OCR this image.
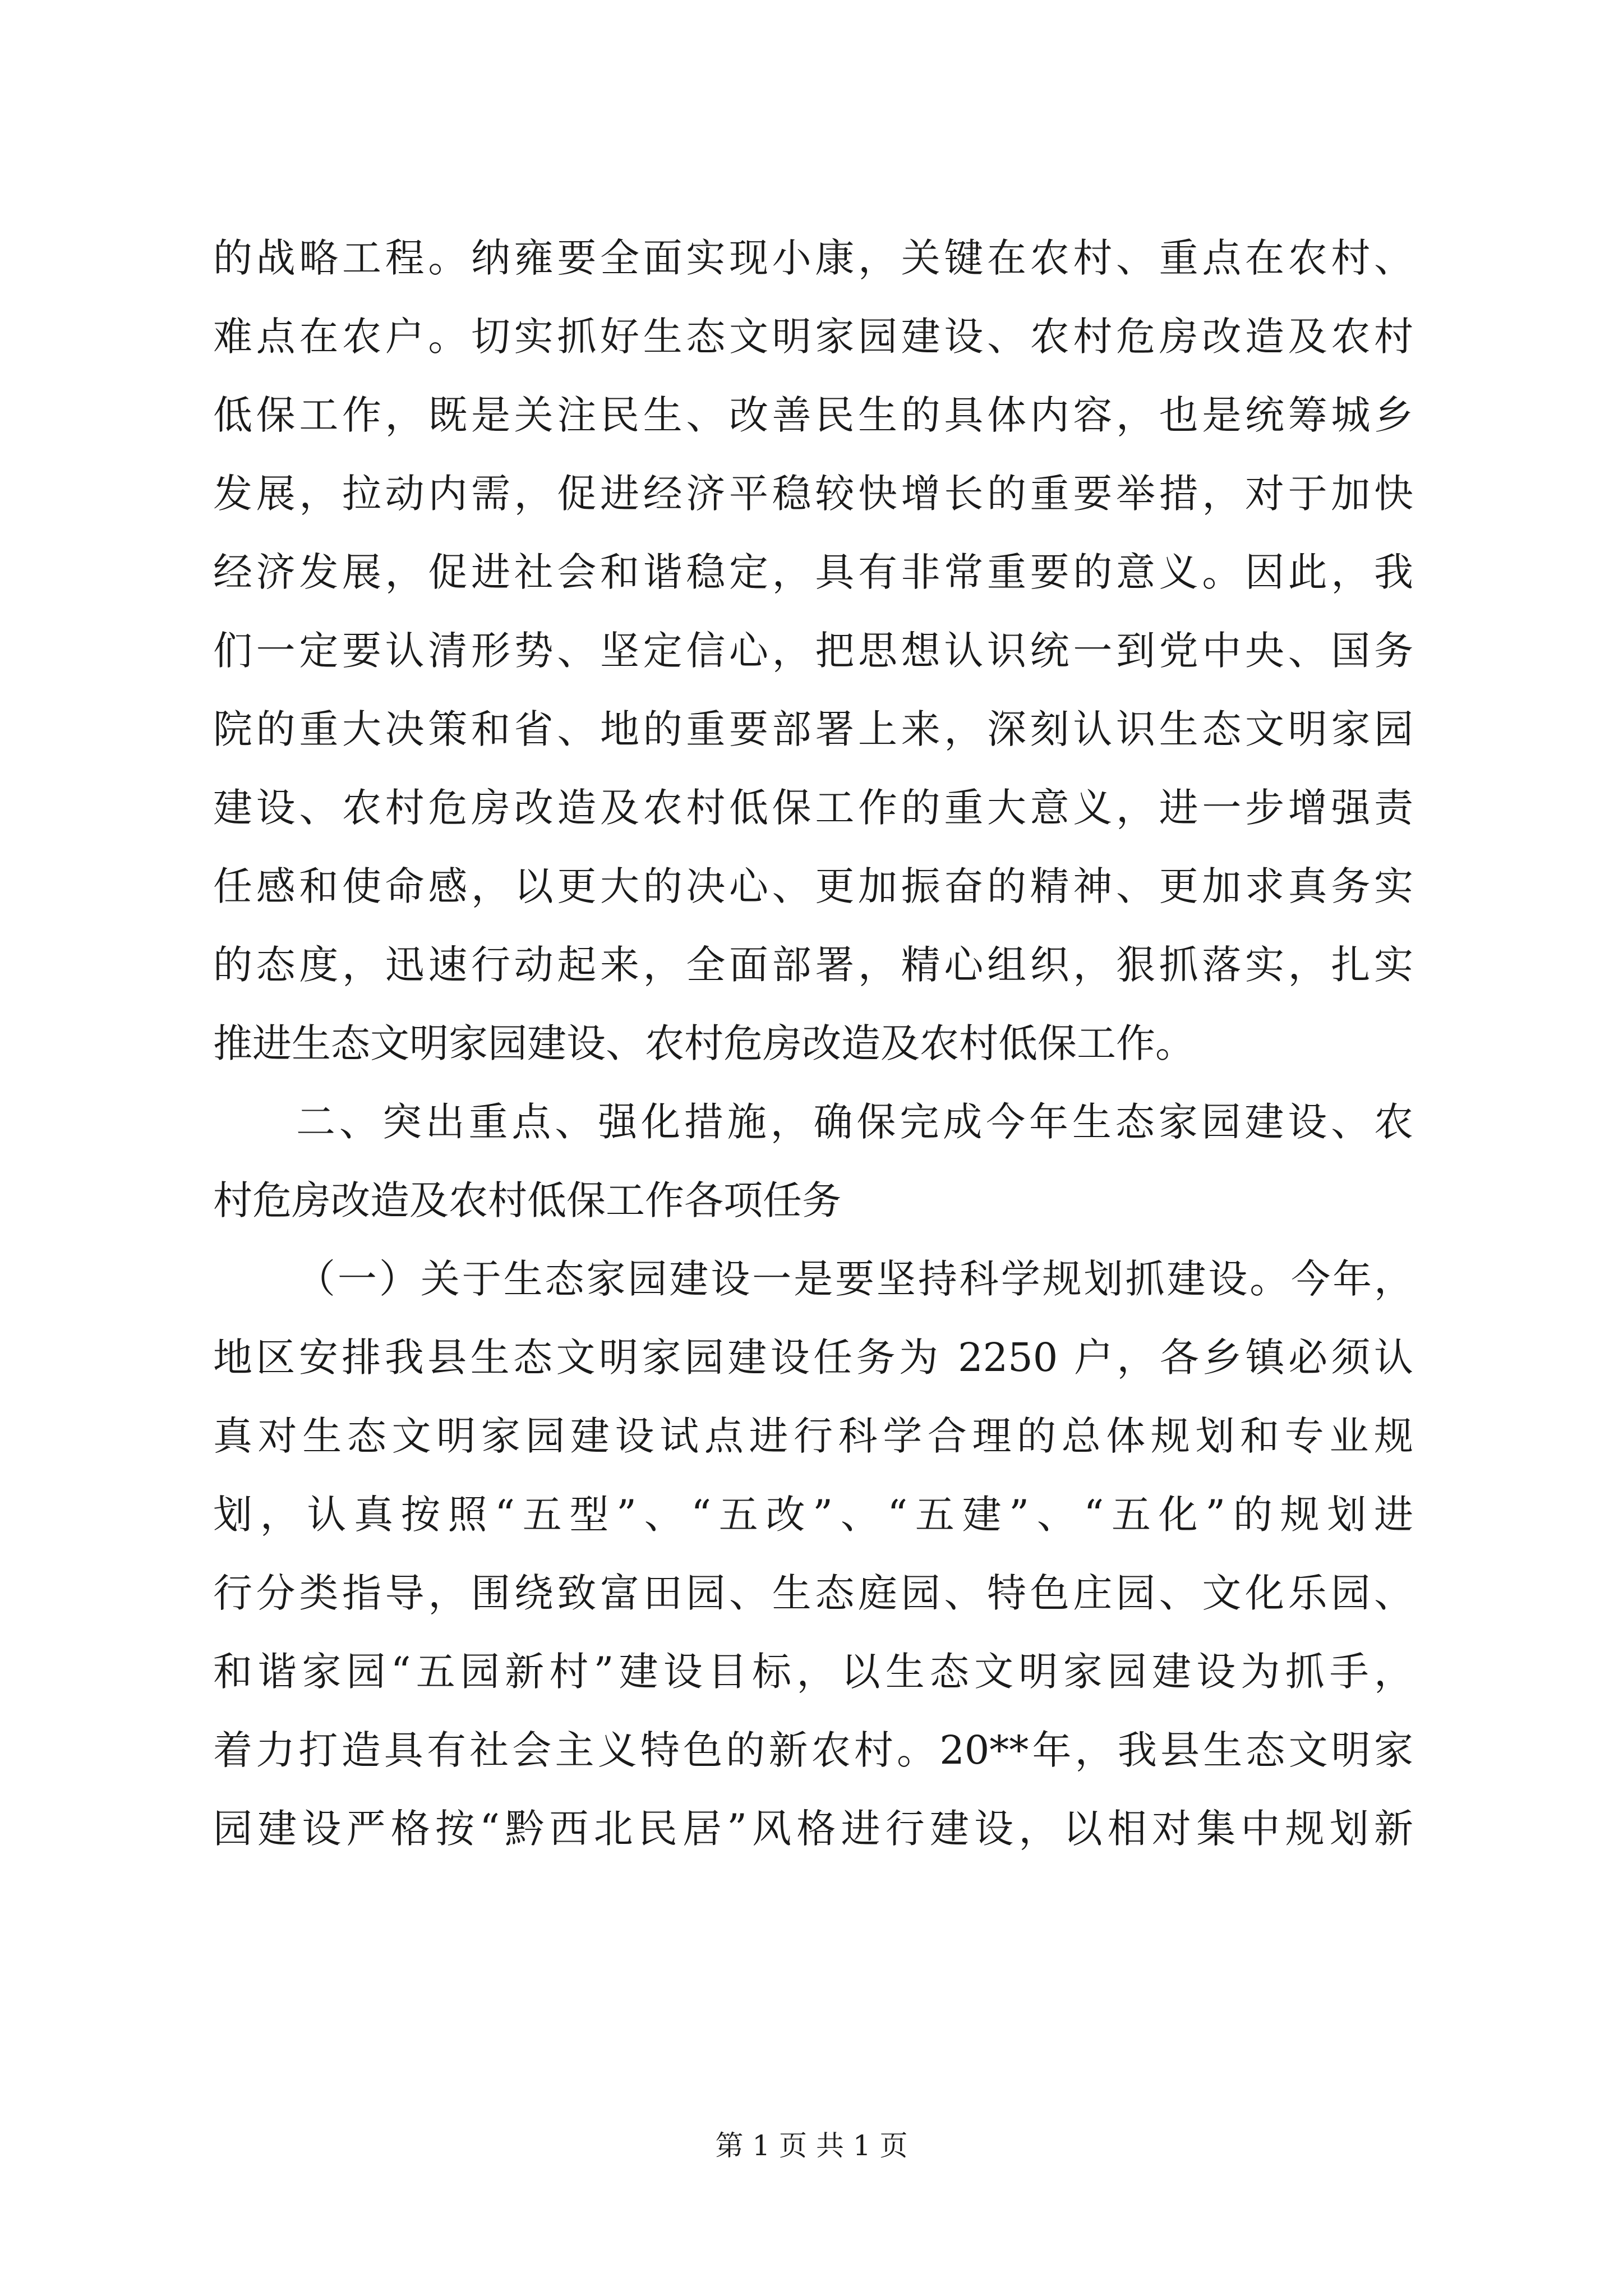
的战略工程。纳雍要全面实现小康，关键在农村、重点在农村、
难点在农户。切实抓好生态文明家园建设、农村危房改造及农村
低保工作，既是关注民生、改善民生的具体内容，也是统筹城乡
发展，拉动内需，促进经济平稳较快增长的重要举措，对于加快
经济发展，促进社会和谐稳定，具有非常重要的意义。因此，我
们一定要认清形势、坚定信心，把思想认识统一到党中央、国务
院的重大决策和省、地的重要部署上来，深刻认识生态文明家园
建设、农村危房改造及农村低保工作的重大意义，进一步增强责
任感和使命感，以更大的决心、更加振奋的精神、更加求真务实
的态度，迅速行动起来，全面部署，精心组织，狠抓落实，扎实
推进生态文明家园建设、农村危房改造及农村低保工作。
二、突出重点、强化措施，确保完成今年生态家园建设、农
村危房改造及农村低保工作各项任务
（一）关于生态家园建设一是要坚持科学规划抓建设。今年，
地区安排我县生态文明家园建设任务为 2250 户，各乡镇必须认
真对生态文明家园建设试点进行科学合理的总体规划和专业规
划，认真按照“五型”、“五改”、“五建”、“五化”的规划进
行分类指导，围绕致富田园、生态庭园、特色庄园、文化乐园、
和谐家园“五园新村”建设目标，以生态文明家园建设为抓手，
着力打造具有社会主义特色的新农村。20**年，我县生态文明家
园建设严格按“黔西北民居”风格进行建设，以相对集中规划新
第 1 页 共 1 页
